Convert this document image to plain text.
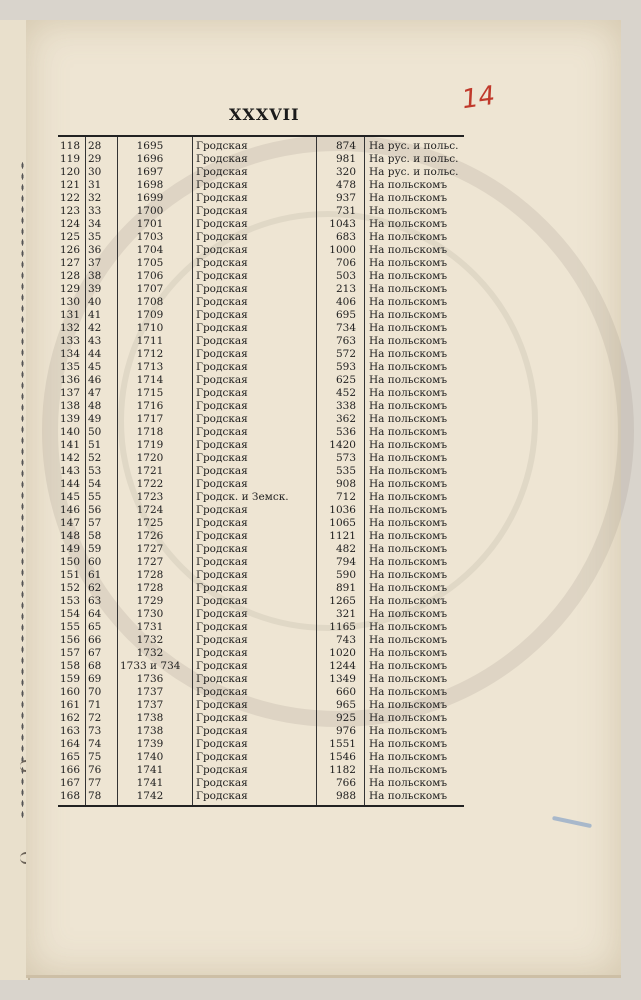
XXXVII	14
118 28	1695	Гродская	874 На рус. и польс.
119 29	1696	Гродская	981 На рус. и польс.
120 30	1697	Гродская	320 На рус. и польс.
121 31	1698	Гродская	478 На польскомъ
122 32	1699	Гродская	937 На польскомъ
123 33	1700	Гродская	731 На польскомъ
124 34	1701	Гродская	1043 На польскомъ
125 35	1703	Гродская	683 На польскомъ
126 36	1704	Гродская	1000 На польскомъ
127 37	1705	Гродская	706 На польскомъ
128 38	1706	Гродская	503 На польскомъ
129 39	1707	Гродская	213 На польскомъ
130 40	1708	Гродская	406 На польскомъ
131 41	1709	Гродская	695 На польскомъ
132 42	1710	Гродская	734 На польскомъ
133 43	1711	Гродская	763 На польскомъ
134 44	1712	Гродская	572 На польскомъ
135 45	1713	Гродская	593 На польскомъ
136 46	1714	Гродская	625 На польскомъ
137 47	1715	Гродская	452 На польскомъ
138 48	1716	Гродская	338 На польскомъ
139 49	1717	Гродская	362 На польскомъ
140 50	1718	Гродская	536 На польскомъ
141 51	1719	Гродская	1420 На польскомъ
142 52	1720	Гродская	573 На польскомъ
143 53	1721	Гродская	535 На польскомъ
144 54	1722	Гродская	908 На польскомъ
145 55	1723	Гродск. и Земск.	712 На польскомъ
146 56	1724	Гродская	1036 На польскомъ
147 57	1725	Гродская	1065 На польскомъ
148 58	1726	Гродская	1121 На польскомъ
149 59	1727	Гродская	482 На польскомъ
150 60	1727	Гродская	794 На польскомъ
151 61	1728	Гродская	590 На польскомъ
152 62	1728	Гродская	891 На польскомъ
153 63	1729	Гродская	1265 На польскомъ
154 64	1730	Гродская	321 На польскомъ
155 65	1731	Гродская	1165 На польскомъ
156 66	1732	Гродская	743 На польскомъ
157 67	1732	Гродская	1020 На польскомъ
158 68	1733 и 734 Гродская	1244 На польскомъ
159 69	1736	Гродская	1349 На польскомъ
160 70	1737	Гродская	660 На польскомъ
161 71	1737	Гродская	965 На польскомъ
162 72	1738	Гродская	925 На польскомъ
163 73	1738	Гродская	976 На польскомъ
164 74	1739	Гродская	1551 На польскомъ
165 75	1740	Гродская	1546 На польскомъ
166 76	1741	Гродская	1182 На польскомъ
167 77	1741	Гродская	766 На польскомъ
168 78	1742	Гродская	988 На польскомъ
